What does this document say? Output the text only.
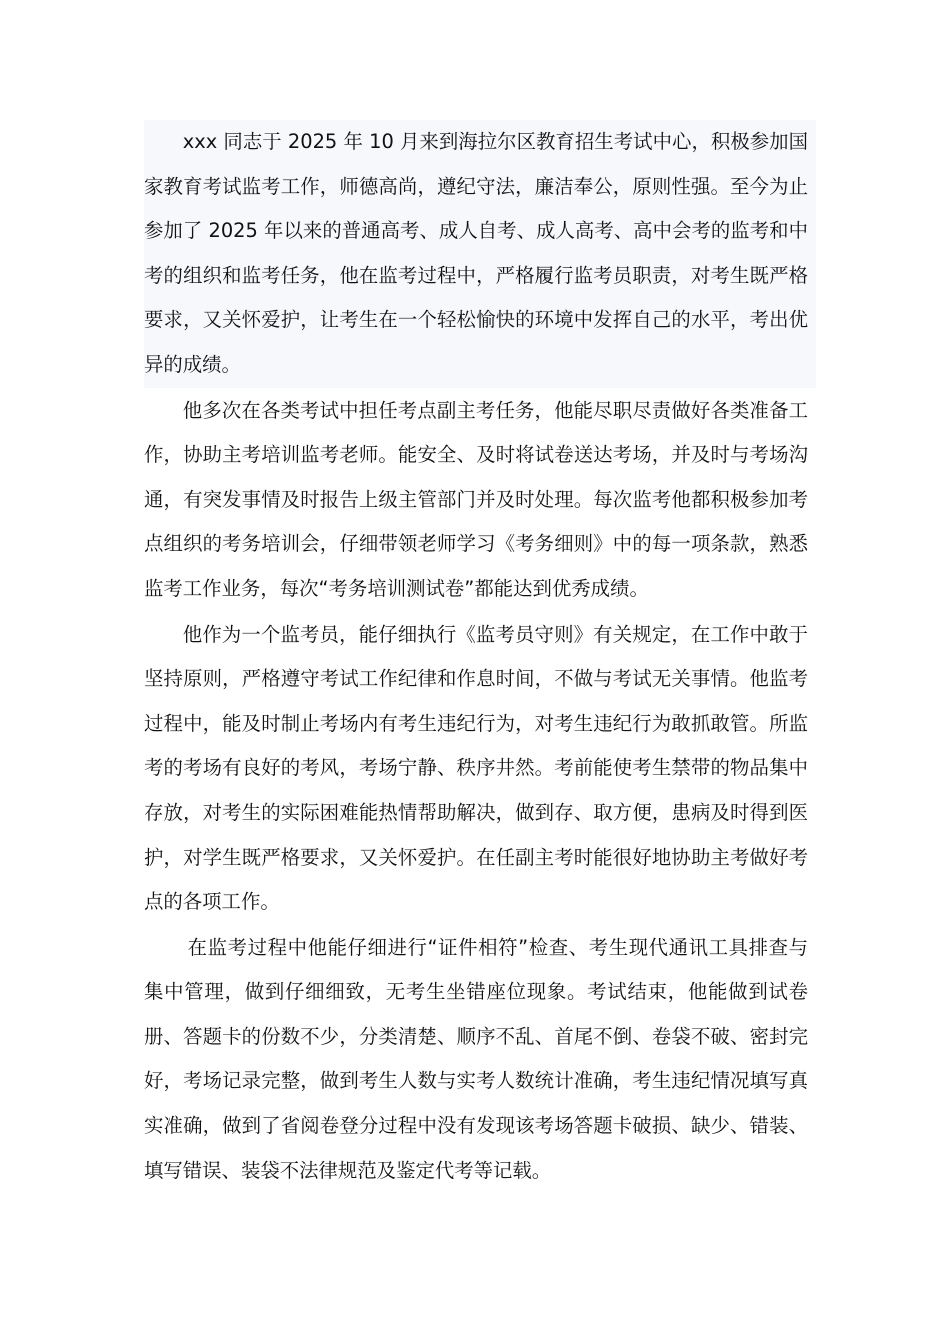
xxx 同志于 2025 年 10 月来到海拉尔区教育招生考试中心，积极参加国家教育考试监考工作，师德高尚，遵纪守法，廉洁奉公，原则性强。至今为止参加了 2025 年以来的普通高考、成人自考、成人高考、高中会考的监考和中考的组织和监考任务，他在监考过程中，严格履行监考员职责，对考生既严格要求，又关怀爱护，让考生在一个轻松愉快的环境中发挥自己的水平，考出优异的成绩。

他多次在各类考试中担任考点副主考任务，他能尽职尽责做好各类准备工作，协助主考培训监考老师。能安全、及时将试卷送达考场，并及时与考场沟通，有突发事情及时报告上级主管部门并及时处理。每次监考他都积极参加考点组织的考务培训会，仔细带领老师学习《考务细则》中的每一项条款，熟悉监考工作业务，每次“考务培训测试卷”都能达到优秀成绩。

他作为一个监考员，能仔细执行《监考员守则》有关规定，在工作中敢于坚持原则，严格遵守考试工作纪律和作息时间，不做与考试无关事情。他监考过程中，能及时制止考场内有考生违纪行为，对考生违纪行为敢抓敢管。所监考的考场有良好的考风，考场宁静、秩序井然。考前能使考生禁带的物品集中存放，对考生的实际困难能热情帮助解决，做到存、取方便，患病及时得到医护，对学生既严格要求，又关怀爱护。在任副主考时能很好地协助主考做好考点的各项工作。

在监考过程中他能仔细进行“证件相符”检查、考生现代通讯工具排查与集中管理，做到仔细细致，无考生坐错座位现象。考试结束，他能做到试卷册、答题卡的份数不少，分类清楚、顺序不乱、首尾不倒、卷袋不破、密封完好，考场记录完整，做到考生人数与实考人数统计准确，考生违纪情况填写真实准确，做到了省阅卷登分过程中没有发现该考场答题卡破损、缺少、错装、填写错误、装袋不法律规范及鉴定代考等记载。
